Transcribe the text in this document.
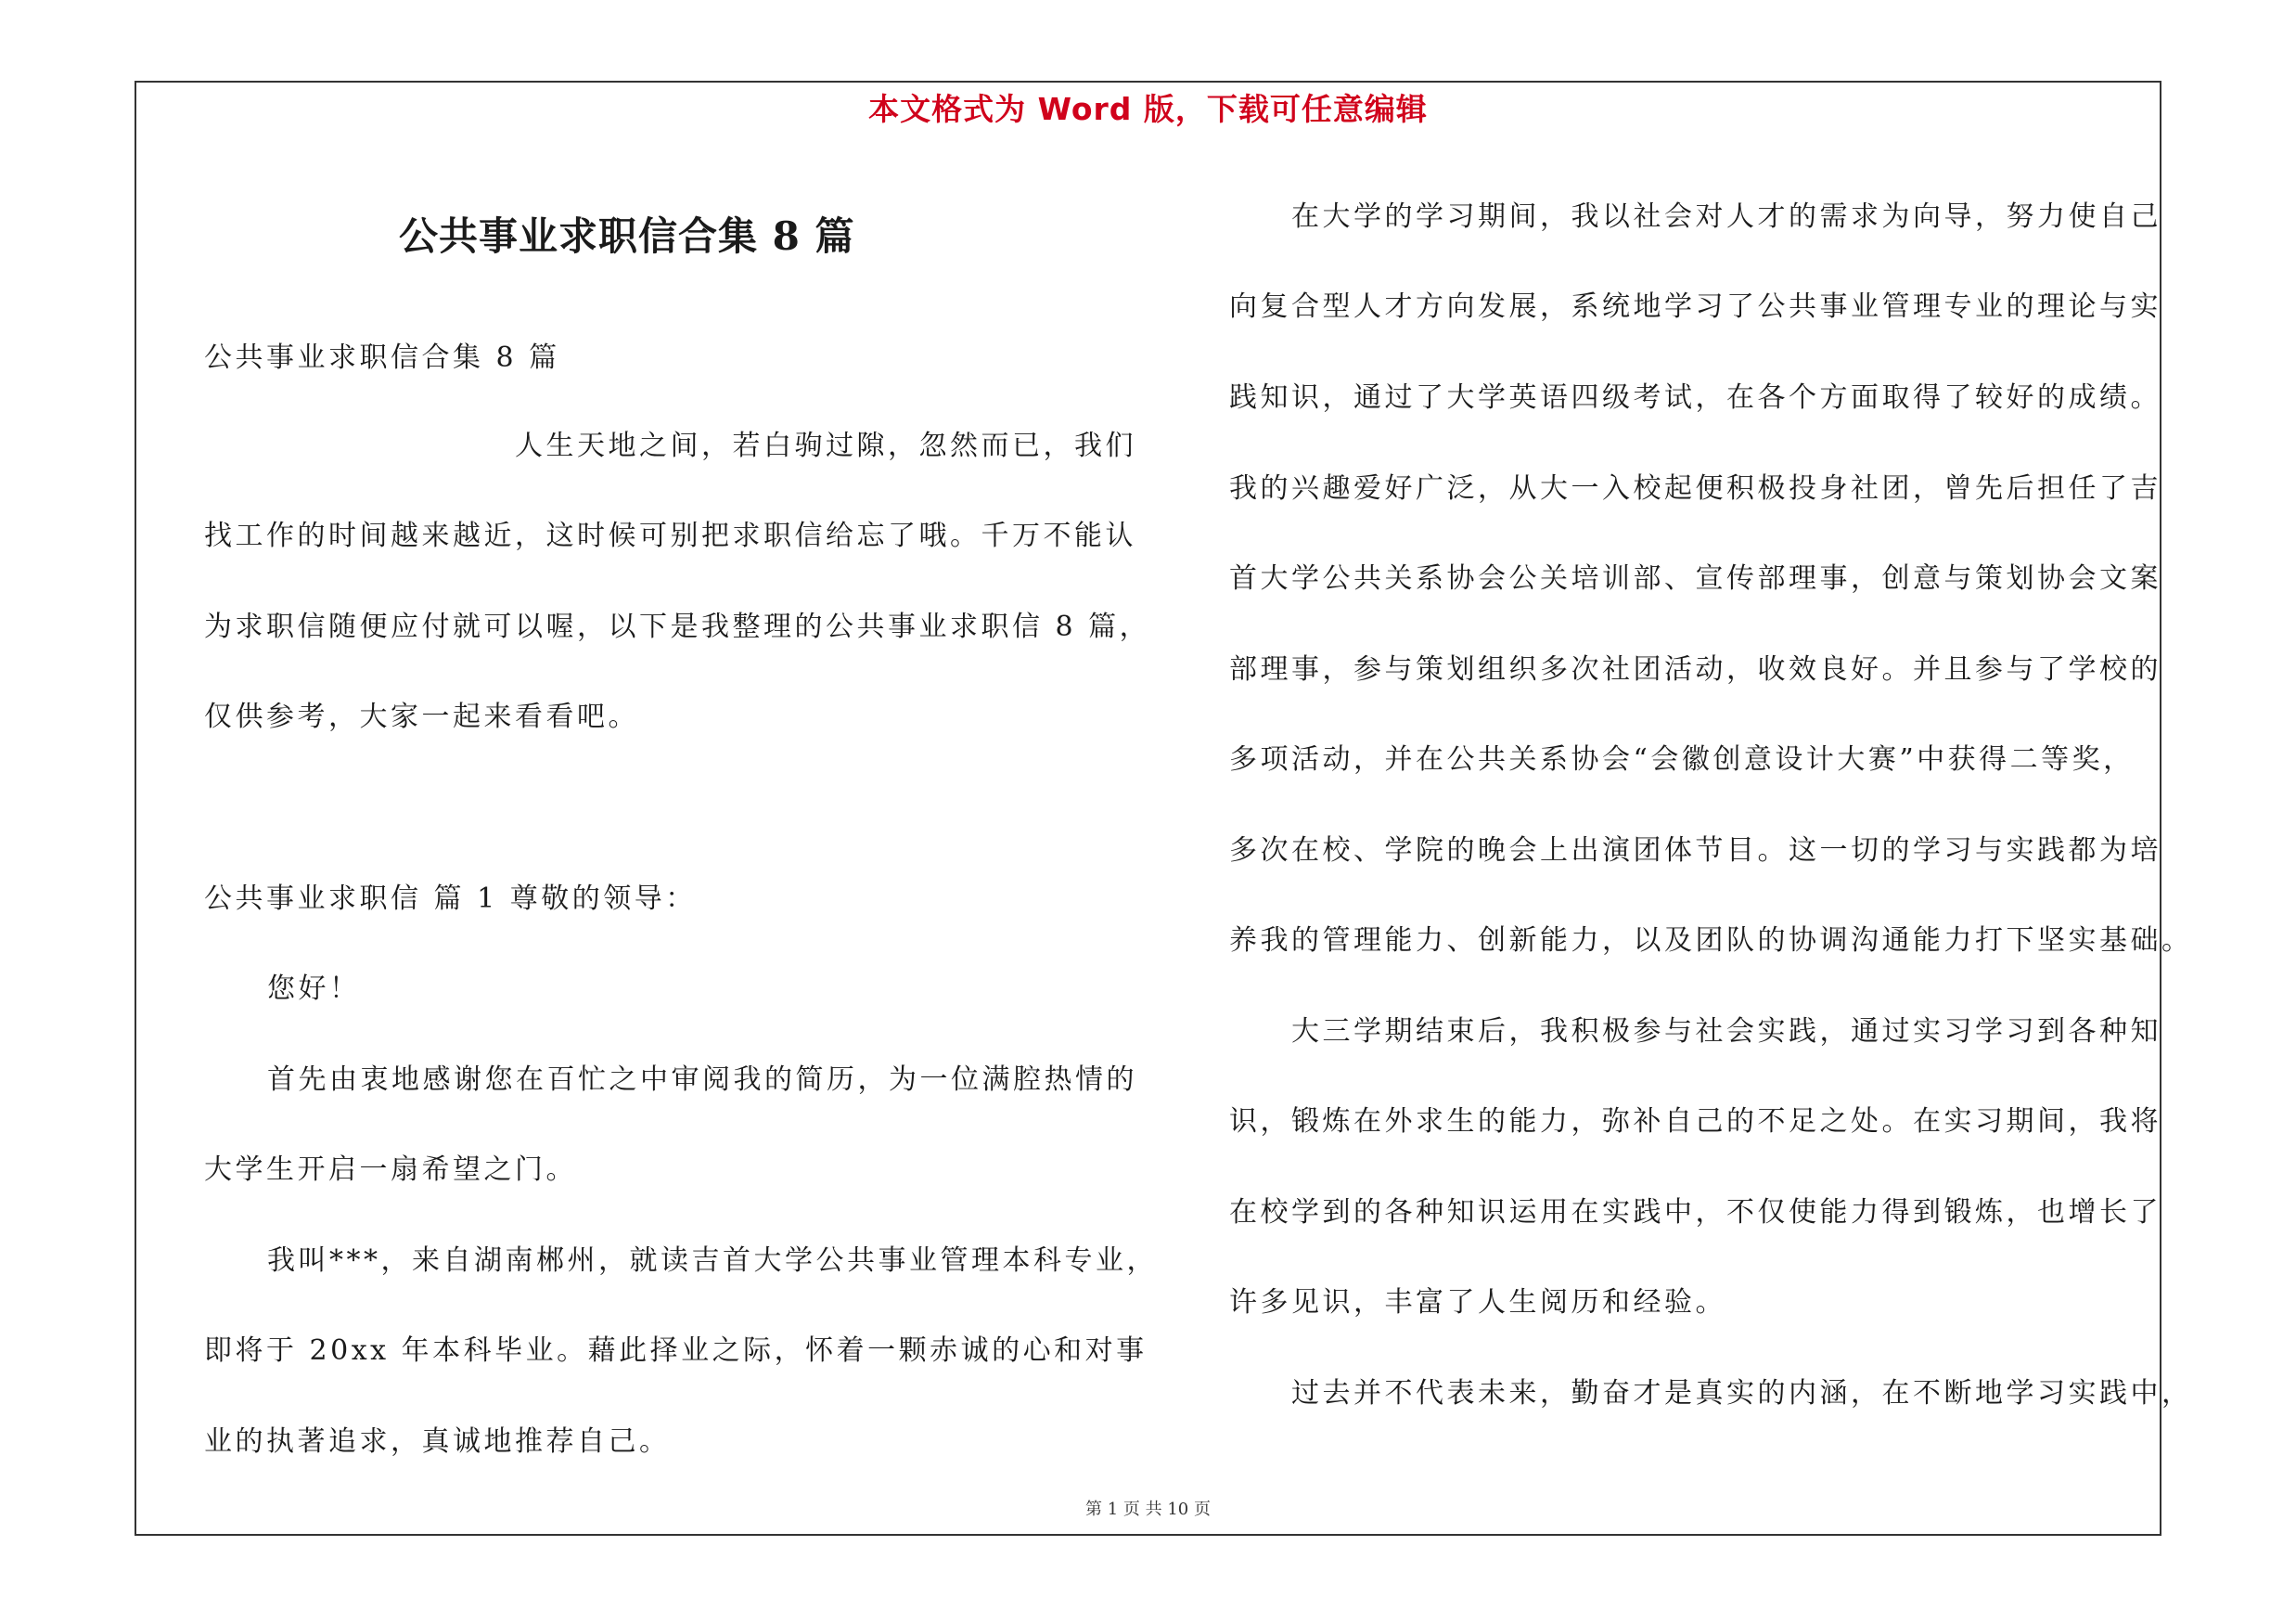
本文格式为 Word 版，下载可任意编辑
公共事业求职信合集 8 篇
公共事业求职信合集 8 篇
人生天地之间，若白驹过隙，忽然而已，我们
找工作的时间越来越近，这时候可别把求职信给忘了哦。千万不能认
为求职信随便应付就可以喔，以下是我整理的公共事业求职信 8 篇，
仅供参考，大家一起来看看吧。
公共事业求职信 篇 1 尊敬的领导：
您好！
首先由衷地感谢您在百忙之中审阅我的简历，为一位满腔热情的
大学生开启一扇希望之门。
我叫***，来自湖南郴州，就读吉首大学公共事业管理本科专业，
即将于 20xx 年本科毕业。藉此择业之际，怀着一颗赤诚的心和对事
业的执著追求，真诚地推荐自己。
在大学的学习期间，我以社会对人才的需求为向导，努力使自己
向复合型人才方向发展，系统地学习了公共事业管理专业的理论与实
践知识，通过了大学英语四级考试，在各个方面取得了较好的成绩。
我的兴趣爱好广泛，从大一入校起便积极投身社团，曾先后担任了吉
首大学公共关系协会公关培训部、宣传部理事，创意与策划协会文案
部理事，参与策划组织多次社团活动，收效良好。并且参与了学校的
多项活动，并在公共关系协会“会徽创意设计大赛”中获得二等奖，
多次在校、学院的晚会上出演团体节目。这一切的学习与实践都为培
养我的管理能力、创新能力，以及团队的协调沟通能力打下坚实基础。
大三学期结束后，我积极参与社会实践，通过实习学习到各种知
识，锻炼在外求生的能力，弥补自己的不足之处。在实习期间，我将
在校学到的各种知识运用在实践中，不仅使能力得到锻炼，也增长了
许多见识，丰富了人生阅历和经验。
过去并不代表未来，勤奋才是真实的内涵，在不断地学习实践中，
第 1 页 共 10 页
